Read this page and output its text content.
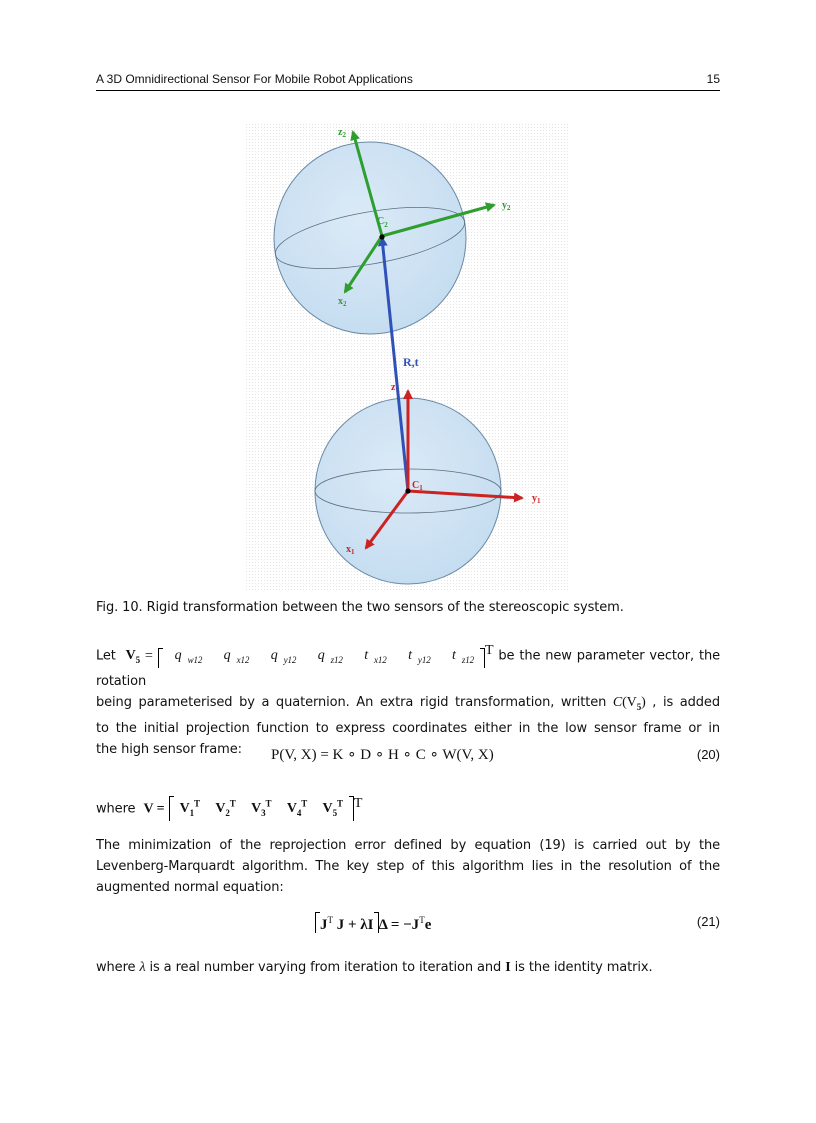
A 3D Omnidirectional Sensor For Mobile Robot Applications	15
$z_2$
$y_2$
$x_2$
$C_2$
R,t
$z_1$
$y_1$
$x_1$
$C_1$
Fig. 10. Rigid transformation between the two sensors of the stereoscopic system.
Let $V_5 = q$ $_{w12}$ q $_{x12}$ q $_{y12}$ q $_{z12}$ t $_{x12}$ t $_{y12}$ t $_{z12}^T$ be the new parameter vector, the rotation
being parameterised by a quaternion. An extra rigid transformation, written $C(V_5)$ , is added
to the initial projection function to express coordinates either in the low sensor frame or in
the high sensor frame:	P(V, X) = K ∘ D ∘ H ∘ C ∘ W(V, X)	(20)
where $V = V_1^T$ $V_2^T$ $V_3^T$ $V_4^T$ $V_5^T$ $^T$
The minimization of the reprojection error defined by equation (19) is carried out by the Levenberg-Marquardt algorithm. The key step of this algorithm lies in the resolution of the augmented normal equation:
$J^T$ J + λI $\Delta = -J^Te$	(21)
where λ is a real number varying from iteration to iteration and I is the identity matrix.
